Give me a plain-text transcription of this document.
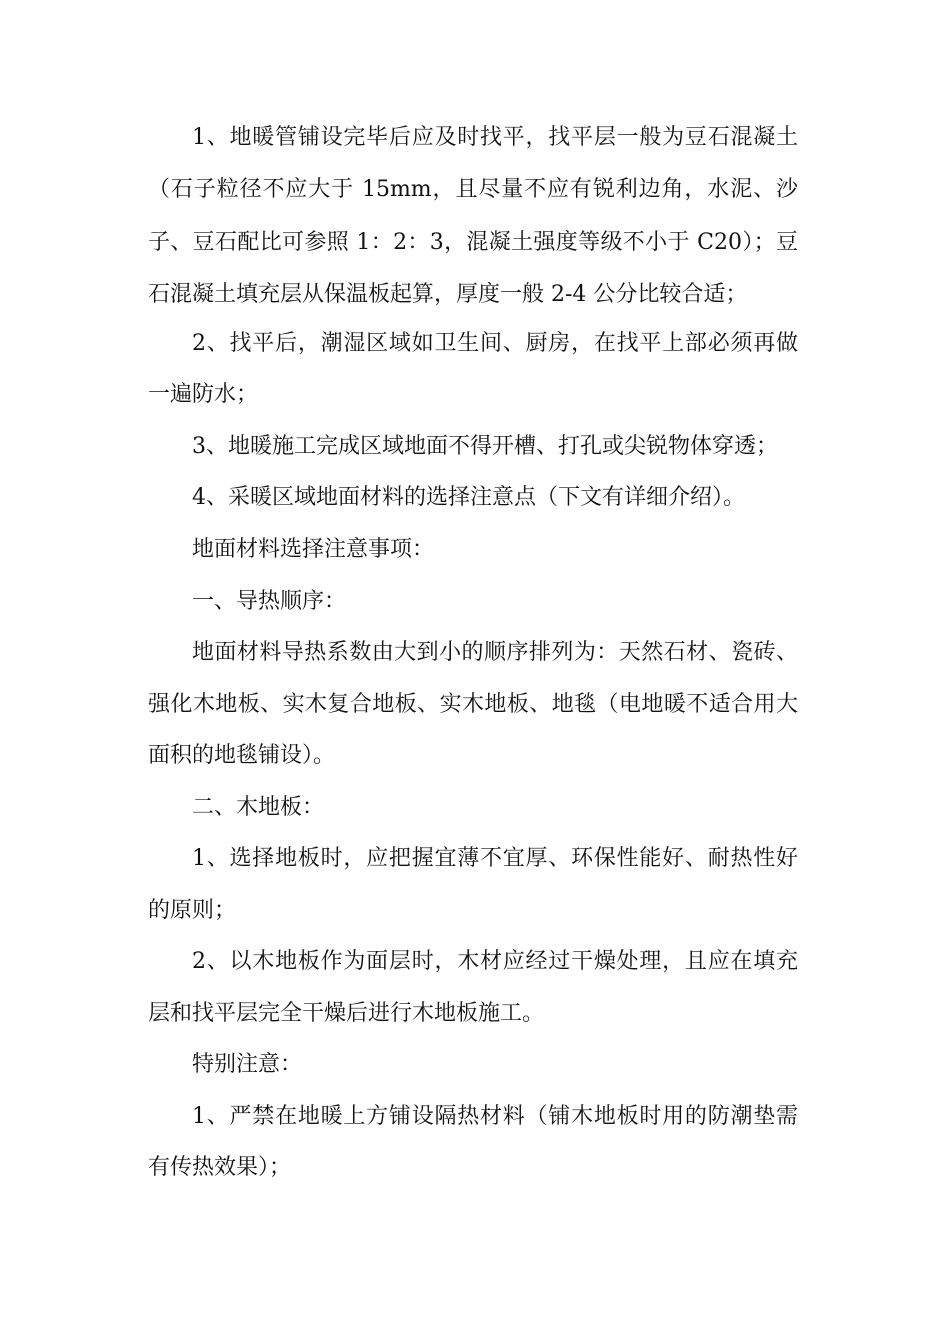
1、地暖管铺设完毕后应及时找平，找平层一般为豆石混凝土
（石子粒径不应大于 15mm，且尽量不应有锐利边角，水泥、沙
子、豆石配比可参照 1：2：3，混凝土强度等级不小于 C20）；豆
石混凝土填充层从保温板起算，厚度一般 2-4 公分比较合适；
2、找平后，潮湿区域如卫生间、厨房，在找平上部必须再做
一遍防水；
3、地暖施工完成区域地面不得开槽、打孔或尖锐物体穿透；
4、采暖区域地面材料的选择注意点（下文有详细介绍）。
地面材料选择注意事项：
一、导热顺序：
地面材料导热系数由大到小的顺序排列为：天然石材、瓷砖、
强化木地板、实木复合地板、实木地板、地毯（电地暖不适合用大
面积的地毯铺设）。
二、木地板：
1、选择地板时，应把握宜薄不宜厚、环保性能好、耐热性好
的原则；
2、以木地板作为面层时，木材应经过干燥处理，且应在填充
层和找平层完全干燥后进行木地板施工。
特别注意：
1、严禁在地暖上方铺设隔热材料（铺木地板时用的防潮垫需
有传热效果）；
